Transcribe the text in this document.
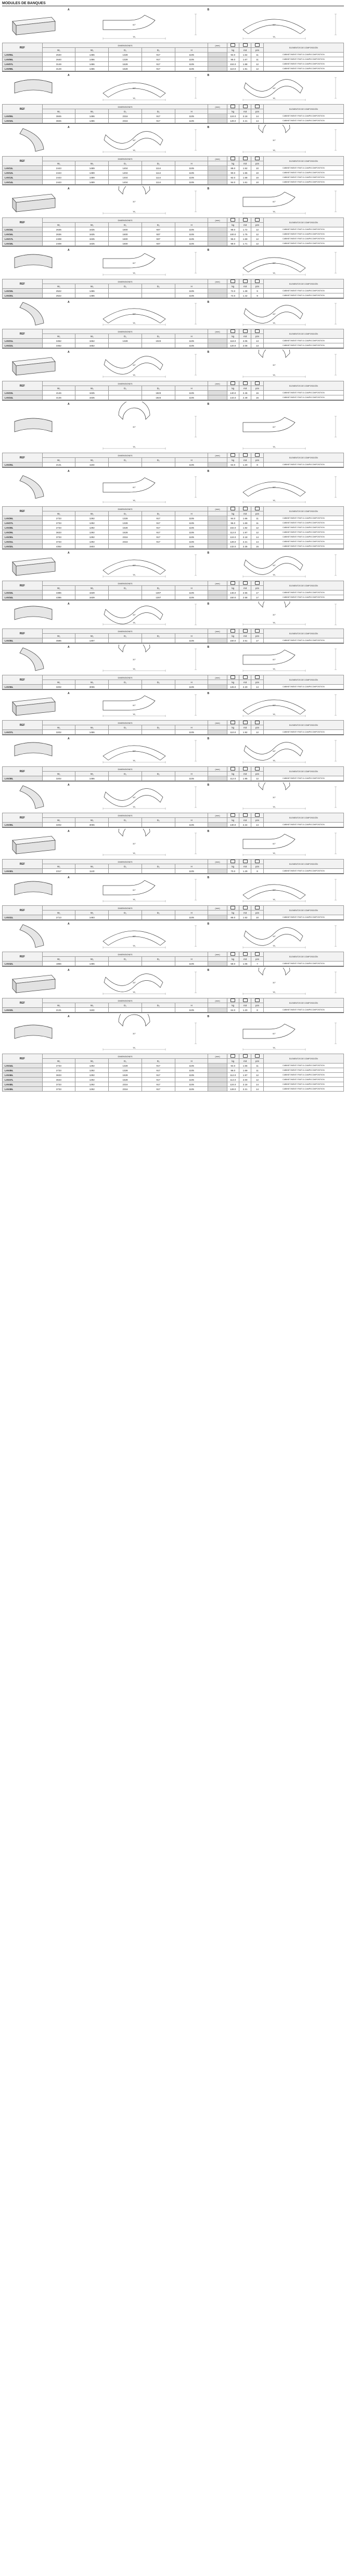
MODULES DE BANQUES
A
W₁
60°
B
W₁
90°
REF	DIMENSIONES					(mm)				ELEMENTOS DE COMPOSICIÓN
	W₁	W₂	D₁	D₂	H		kg	m3	pzs	
LAV05L	2640	1486	1328	917	1105		94.0	1.64	11	CABINET/MENTI FINITI A CAMPI/COMPOSITION
LAV06L	2640	1486	1328	917	1105		96.0	1.67	11	CABINET/MENTI FINITI A CAMPI/COMPOSITION
LAV07L	3149	1486	1628	917	1105		104.0	1.88	12	CABINET/MENTI FINITI A CAMPI/COMPOSITION
LAV08L	3149	1486	1628	917	1105		110.0	1.91	12	CABINET/MENTI FINITI A CAMPI/COMPOSITION
A
W₁
90°
B
W₁
45°
REF	DIMENSIONES					(mm)				ELEMENTOS DE COMPOSICIÓN
	W₁	W₂	D₁	D₂	H		kg	m3	pzs	
LAV09L	3845	1486	2316	917	1105		124.0	2.18	14	CABINET/MENTI FINITI A CAMPI/COMPOSITION
LAV10L	3845	1486	2316	917	1105		128.0	2.21	14	CABINET/MENTI FINITI A CAMPI/COMPOSITION
A
W₁
45°
B
W₁
30°
REF	DIMENSIONES					(mm)				ELEMENTOS DE COMPOSICIÓN
	W₁	W₂	D₁	D₂	H		kg	m3	pzs	
LAV11L	2443	1489	1404	1114	1105		88.0	1.52	10	CABINET/MENTI FINITI A CAMPI/COMPOSITION
LAV12L	2443	1489	1404	1114	1105		90.0	1.55	10	CABINET/MENTI FINITI A CAMPI/COMPOSITION
LAV13L	2443	1489	1404	1114	1105		92.0	1.58	10	CABINET/MENTI FINITI A CAMPI/COMPOSITION
LAV14L	2443	1489	1404	1114	1105		94.0	1.61	10	CABINET/MENTI FINITI A CAMPI/COMPOSITION
A
W₁
30°
B
W₁
60°
REF	DIMENSIONES					(mm)				ELEMENTOS DE COMPOSICIÓN
	W₁	W₂	D₁	D₂	H		kg	m3	pzs	
LAV15L	2636	1635	1600	937	1105		98.0	1.72	12	CABINET/MENTI FINITI A CAMPI/COMPOSITION
LAV16L	2636	1635	1600	937	1105		100.0	1.75	12	CABINET/MENTI FINITI A CAMPI/COMPOSITION
LAV17L	2408	1635	1600	937	1105		96.0	1.69	12	CABINET/MENTI FINITI A CAMPI/COMPOSITION
LAV18L	2408	1635	1600	937	1105		98.0	1.71	12	CABINET/MENTI FINITI A CAMPI/COMPOSITION
A
W₁
60°
B
W₁
90°
REF	DIMENSIONES					(mm)				ELEMENTOS DE COMPOSICIÓN
	W₁	W₂	D₁	D₂	H		kg	m3	pzs	
LAV19L	2522	1486			1105		72.0	1.39	9	CABINET/MENTI FINITI A CAMPI/COMPOSITION
LAV20L	2522	1486			1105		74.0	1.42	9	CABINET/MENTI FINITI A CAMPI/COMPOSITION
A
W₁
90°
B
W₁
45°
REF	DIMENSIONES					(mm)				ELEMENTOS DE COMPOSICIÓN
	W₁	W₂	D₁	D₂	H		kg	m3	pzs	
LAV21L	3452	1652	1328	1023	1105		118.0	2.05	13	CABINET/MENTI FINITI A CAMPI/COMPOSITION
LAV22L	3452	1652			1105		120.0	2.08	13	CABINET/MENTI FINITI A CAMPI/COMPOSITION
A
W₁
45°
B
W₁
30°
REF	DIMENSIONES					(mm)				ELEMENTOS DE COMPOSICIÓN
	W₁	W₂	D₁	D₂	H		kg	m3	pzs	
LAV23L	4146	1635		1823	1105		140.0	2.46	16	CABINET/MENTI FINITI A CAMPI/COMPOSITION
LAV24L	4146	1635		1823	1105		144.0	2.49	16	CABINET/MENTI FINITI A CAMPI/COMPOSITION
A
W₁
30°
B
W₁
60°
REF	DIMENSIONES					(mm)				ELEMENTOS DE COMPOSICIÓN
	W₁	W₂	D₁	D₂	H		kg	m3	pzs	
LAV25L	2131	1183			1105		64.0	1.20	8	CABINET/MENTI FINITI A CAMPI/COMPOSITION
A
W₁
60°
B
W₁
90°
REF	DIMENSIONES					(mm)				ELEMENTOS DE COMPOSICIÓN
	W₁	W₂	D₁	D₂	H		kg	m3	pzs	
LAV26L	2733	1292	1328	917	1105		94.0	1.66	11	CABINET/MENTI FINITI A CAMPI/COMPOSITION
LAV27L	2733	1292	1328	917	1105		96.0	1.69	11	CABINET/MENTI FINITI A CAMPI/COMPOSITION
LAV28L	2733	1292	1628	917	1105		102.0	1.82	12	CABINET/MENTI FINITI A CAMPI/COMPOSITION
LAV29L	3633	1292	1628	917	1105		112.0	1.97	12	CABINET/MENTI FINITI A CAMPI/COMPOSITION
LAV30L	3733	1292	2316	917	1105		124.0	2.18	14	CABINET/MENTI FINITI A CAMPI/COMPOSITION
LAV31L	3733	1292	2316	917	1105		128.0	2.21	14	CABINET/MENTI FINITI A CAMPI/COMPOSITION
LAV32L	4352	1503			1105		132.0	2.35	15	CABINET/MENTI FINITI A CAMPI/COMPOSITION
A
W₁
90°
B
W₁
45°
REF	DIMENSIONES					(mm)				ELEMENTOS DE COMPOSICIÓN
	W₁	W₂	D₁	D₂	H		kg	m3	pzs	
LAV33L	4386	1639		1307	1105		146.0	2.55	17	CABINET/MENTI FINITI A CAMPI/COMPOSITION
LAV34L	4386	1639		1307	1105		150.0	2.58	17	CABINET/MENTI FINITI A CAMPI/COMPOSITION
A
W₁
45°
B
W₁
30°
REF	DIMENSIONES					(mm)				ELEMENTOS DE COMPOSICIÓN
	W₁	W₂	D₁	D₂	H		kg	m3	pzs	
LAV35L	4586	1307			1105		150.0	2.61	17	CABINET/MENTI FINITI A CAMPI/COMPOSITION
A
W₁
30°
B
W₁
60°
REF	DIMENSIONES					(mm)				ELEMENTOS DE COMPOSICIÓN
	W₁	W₂	D₁	D₂	H		kg	m3	pzs	
LAV36L	3202	3006			1105		126.0	2.20	14	CABINET/MENTI FINITI A CAMPI/COMPOSITION
A
W₁
60°
B
W₁
90°
REF	DIMENSIONES					(mm)				ELEMENTOS DE COMPOSICIÓN
	W₁	W₂	D₁	D₂	H		kg	m3	pzs	
LAV37L	3202	1486			1105		110.0	1.92	12	CABINET/MENTI FINITI A CAMPI/COMPOSITION
A
W₁
90°
B
W₁
45°
REF	DIMENSIONES					(mm)				ELEMENTOS DE COMPOSICIÓN
	W₁	W₂	D₁	D₂	H		kg	m3	pzs	
LAV38L	3202	1486			1105		112.0	1.95	12	CABINET/MENTI FINITI A CAMPI/COMPOSITION
A
W₁
45°
B
W₁
30°
REF	DIMENSIONES					(mm)				ELEMENTOS DE COMPOSICIÓN
	W₁	W₂	D₁	D₂	H		kg	m3	pzs	
LAV39L	3202	3006			1105		130.0	2.24	14	CABINET/MENTI FINITI A CAMPI/COMPOSITION
A
W₁
30°
B
W₁
60°
REF	DIMENSIONES					(mm)				ELEMENTOS DE COMPOSICIÓN
	W₁	W₂	D₁	D₂	H		kg	m3	pzs	
LAV40L	2317	1140			1105		70.0	1.29	8	CABINET/MENTI FINITI A CAMPI/COMPOSITION
A
W₁
60°
B
W₁
90°
REF	DIMENSIONES					(mm)				ELEMENTOS DE COMPOSICIÓN
	W₁	W₂	D₁	D₂	H		kg	m3	pzs	
LAV41L	2713	1483			1105		86.0	1.52	10	CABINET/MENTI FINITI A CAMPI/COMPOSITION
A
W₁
90°
B
W₁
45°
REF	DIMENSIONES					(mm)				ELEMENTOS DE COMPOSICIÓN
	W₁	W₂	D₁	D₂	H		kg	m3	pzs	
LAV42L	1866	1486			1105		58.0	1.06	7	CABINET/MENTI FINITI A CAMPI/COMPOSITION
A
W₁
45°
B
W₁
30°
REF	DIMENSIONES					(mm)				ELEMENTOS DE COMPOSICIÓN
	W₁	W₂	D₁	D₂	H		kg	m3	pzs	
LAV43L	2131	1183			1105		64.0	1.20	8	CABINET/MENTI FINITI A CAMPI/COMPOSITION
A
W₁
30°
B
W₁
60°
REF	DIMENSIONES					(mm)				ELEMENTOS DE COMPOSICIÓN
	W₁	W₂	D₁	D₂	H		kg	m3	pzs	
LAV44L	2733	1292	1328	917	1105		94.0	1.66	11	CABINET/MENTI FINITI A CAMPI/COMPOSITION
LAV45L	2733	1292	1328	917	1105		96.0	1.69	11	CABINET/MENTI FINITI A CAMPI/COMPOSITION
LAV46L	3633	1292	1628	917	1105		112.0	1.97	12	CABINET/MENTI FINITI A CAMPI/COMPOSITION
LAV47L	3633	1292	1628	917	1105		114.0	2.00	12	CABINET/MENTI FINITI A CAMPI/COMPOSITION
LAV48L	3733	1292	2316	917	1105		124.0	2.18	14	CABINET/MENTI FINITI A CAMPI/COMPOSITION
LAV49L	3733	1292	2316	917	1105		128.0	2.21	14	CABINET/MENTI FINITI A CAMPI/COMPOSITION
